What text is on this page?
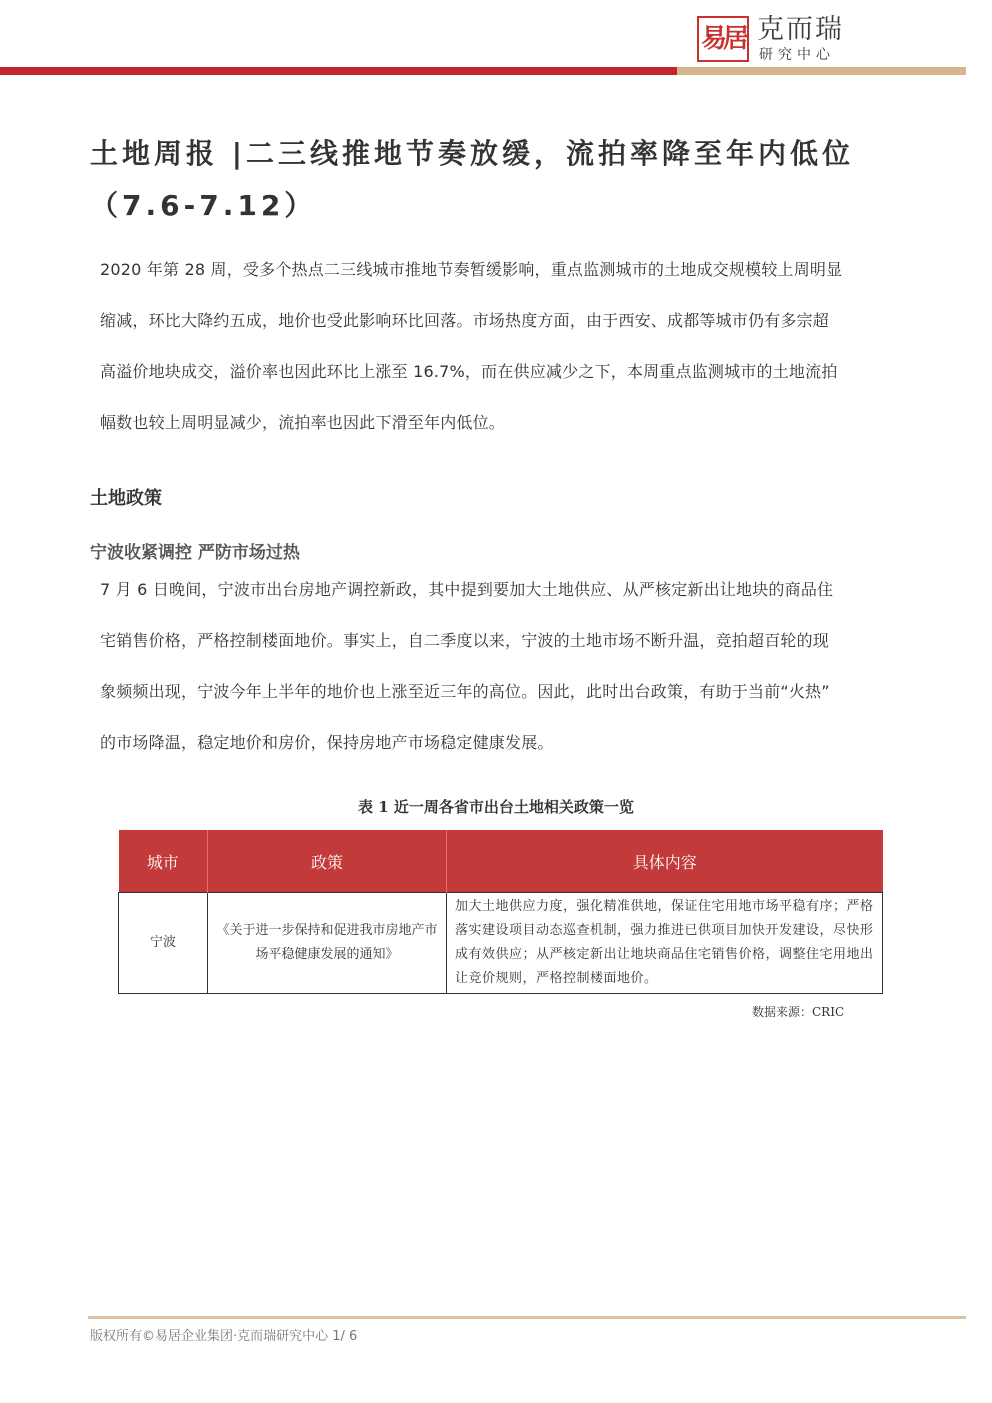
易居 克而瑞
研究中心
土地周报 |二三线推地节奏放缓，流拍率降至年内低位
（7.6-7.12）

2020 年第 28 周，受多个热点二三线城市推地节奏暂缓影响，重点监测城市的土地成交规模较上周明显
缩减，环比大降约五成，地价也受此影响环比回落。市场热度方面，由于西安、成都等城市仍有多宗超
高溢价地块成交，溢价率也因此环比上涨至 16.7%，而在供应减少之下，本周重点监测城市的土地流拍
幅数也较上周明显减少，流拍率也因此下滑至年内低位。

土地政策
宁波收紧调控 严防市场过热

7 月 6 日晚间，宁波市出台房地产调控新政，其中提到要加大土地供应、从严核定新出让地块的商品住
宅销售价格，严格控制楼面地价。事实上，自二季度以来，宁波的土地市场不断升温，竞拍超百轮的现
象频频出现，宁波今年上半年的地价也上涨至近三年的高位。因此，此时出台政策，有助于当前“火热”
的市场降温，稳定地价和房价，保持房地产市场稳定健康发展。

表 1 近一周各省市出台土地相关政策一览
城市	政策	具体内容
宁波	《关于进一步保持和促进我市房地产市场平稳健康发展的通知》	加大土地供应力度，强化精准供地，保证住宅用地市场平稳有序；严格落实建设项目动态巡查机制，强力推进已供项目加快开发建设，尽快形成有效供应；从严核定新出让地块商品住宅销售价格，调整住宅用地出让竞价规则，严格控制楼面地价。
数据来源：CRIC
版权所有©易居企业集团·克而瑞研究中心 1/ 6
